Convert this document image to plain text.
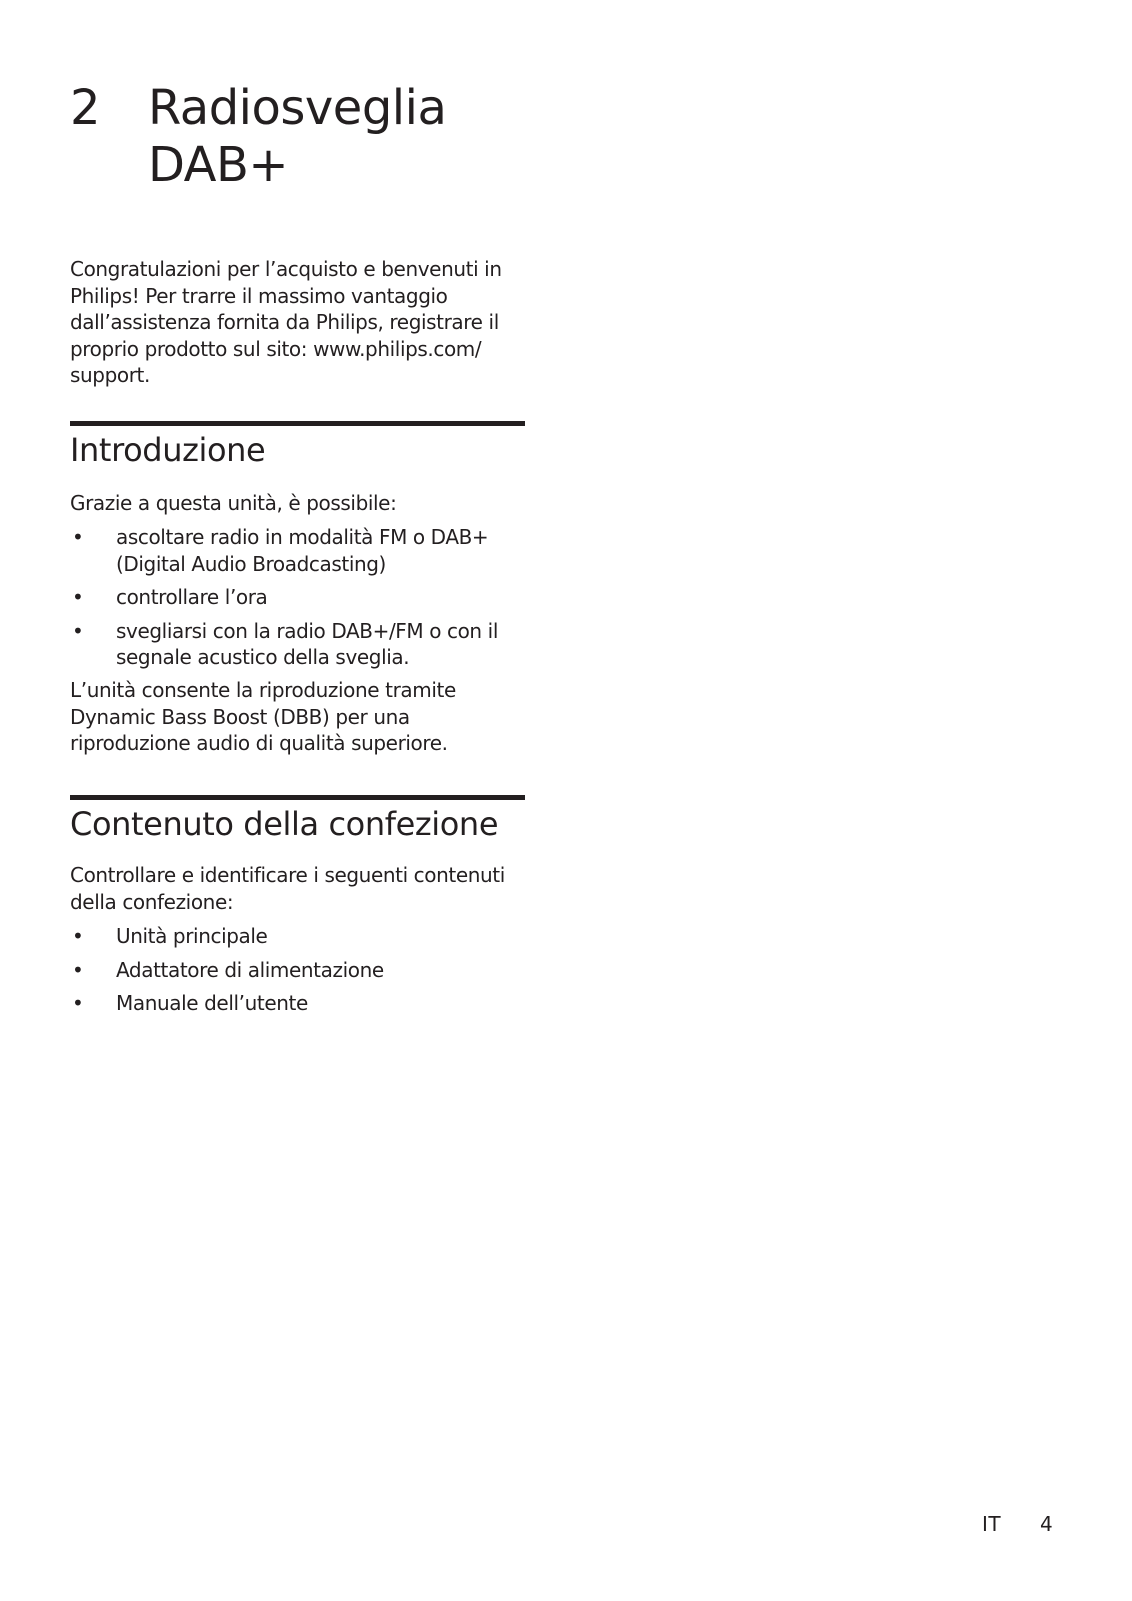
2 Radiosveglia
DAB+

Congratulazioni per l’acquisto e benvenuti in Philips! Per trarre il massimo vantaggio dall’assistenza fornita da Philips, registrare il proprio prodotto sul sito: www.philips.com/ support.

Introduzione

Grazie a questa unità, è possibile:

• ascoltare radio in modalità FM o DAB+ (Digital Audio Broadcasting)
• controllare l’ora
• svegliarsi con la radio DAB+/FM o con il segnale acustico della sveglia.

L’unità consente la riproduzione tramite Dynamic Bass Boost (DBB) per una riproduzione audio di qualità superiore.

Contenuto della confezione

Controllare e identificare i seguenti contenuti della confezione:

• Unità principale
• Adattatore di alimentazione
• Manuale dell’utente
IT 4
